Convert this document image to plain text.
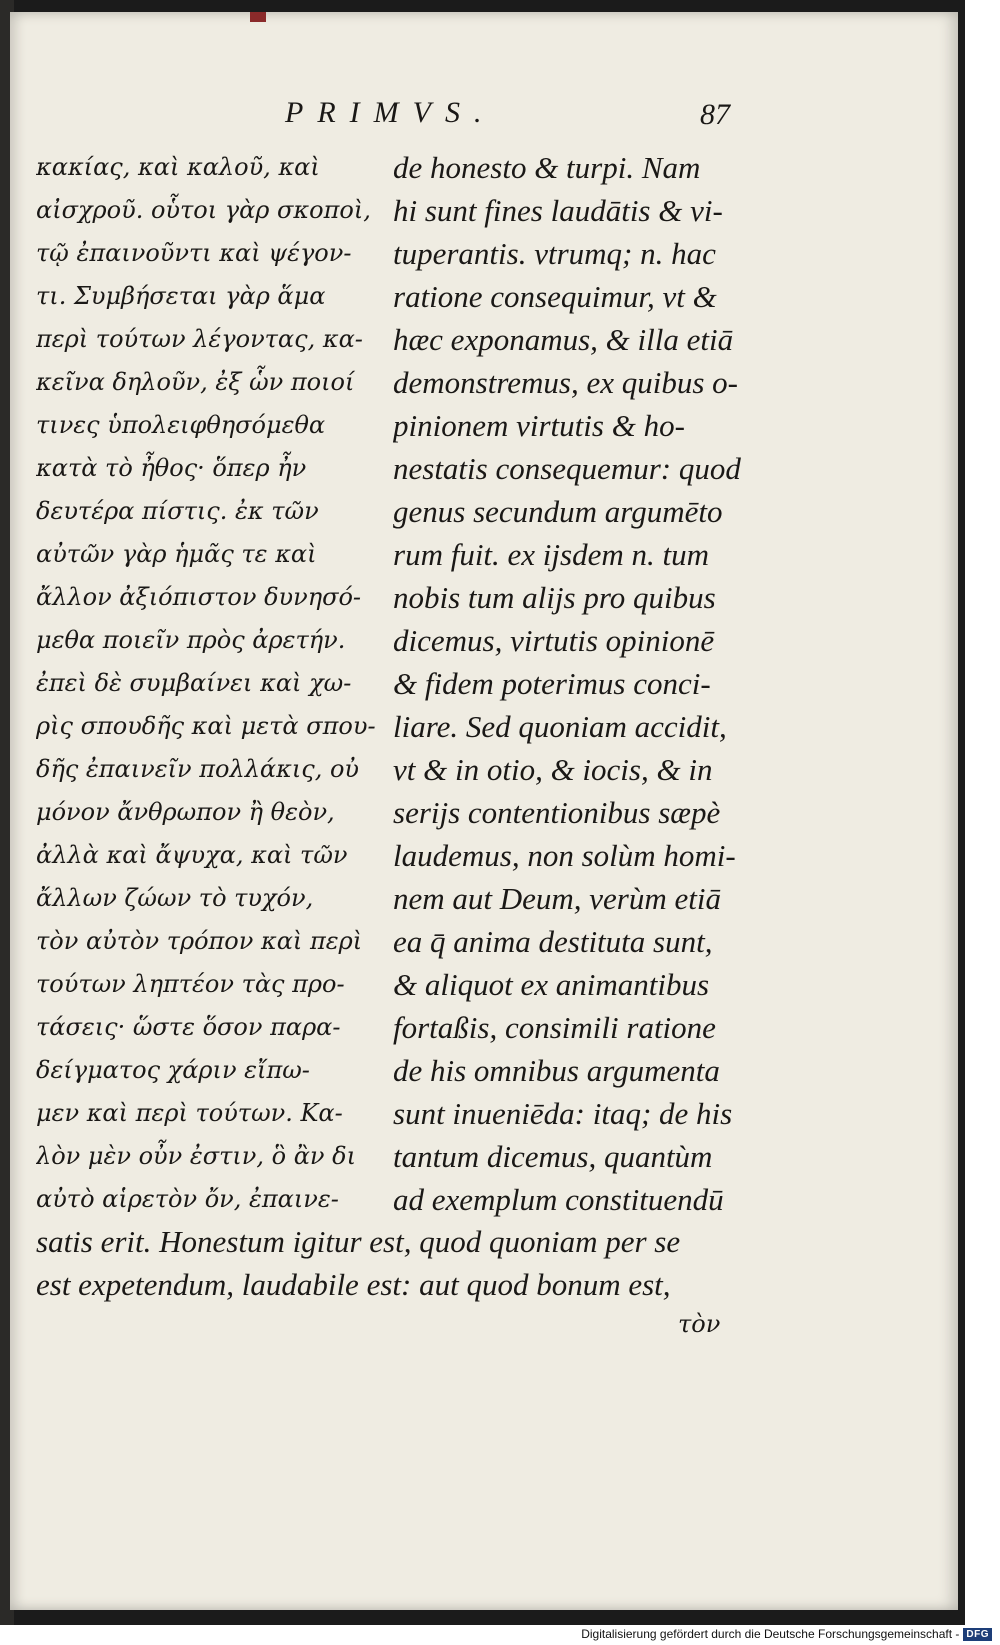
PRIMVS.	87
κακίας, καὶ καλοῦ, καὶ
αἰσχροῦ. οὗτοι γὰρ σκοποὶ,
τῷ ἐπαινοῦντι καὶ ψέγον-
τι. Συμβήσεται γὰρ ἅμα
περὶ τούτων λέγοντας, κα-
κεῖνα δηλοῦν, ἐξ ὧν ποιοί
τινες ὑπολειφθησόμεθα
κατὰ τὸ ἦθος· ὅπερ ἦν
δευτέρα πίστις. ἐκ τῶν
αὐτῶν γὰρ ἡμᾶς τε καὶ
ἄλλον ἀξιόπιστον δυνησό-
μεθα ποιεῖν πρὸς ἀρετήν.
ἐπεὶ δὲ συμβαίνει καὶ χω-
ρὶς σπουδῆς καὶ μετὰ σπου-
δῆς ἐπαινεῖν πολλάκις, οὐ
μόνον ἄνθρωπον ἢ θεὸν,
ἀλλὰ καὶ ἄψυχα, καὶ τῶν
ἄλλων ζώων τὸ τυχόν,
τὸν αὐτὸν τρόπον καὶ περὶ
τούτων ληπτέον τὰς προ-
τάσεις· ὥστε ὅσον παρα-
δείγματος χάριν εἴπω-
μεν καὶ περὶ τούτων. Κα-
λὸν μὲν οὖν ἐστιν, ὃ ἂν δι
αὐτὸ αἱρετὸν ὄν, ἐπαινε-
de honesto & turpi. Nam
hi sunt fines laudātis & vi-
tuperantis. vtrumq; n. hac
ratione consequimur, vt &
hæc exponamus, & illa etiā
demonstremus, ex quibus o-
pinionem virtutis & ho-
nestatis consequemur: quod
genus secundum argumēto
rum fuit. ex ijsdem n. tum
nobis tum alijs pro quibus
dicemus, virtutis opinionē
& fidem poterimus conci-
liare. Sed quoniam accidit,
vt & in otio, & iocis, & in
serijs contentionibus sæpè
laudemus, non solùm homi-
nem aut Deum, verùm etiā
ea q̄ anima destituta sunt,
& aliquot ex animantibus
fortaßis, consimili ratione
de his omnibus argumenta
sunt inueniēda: itaq; de his
tantum dicemus, quantùm
ad exemplum constituendū
satis erit. Honestum igitur est, quod quoniam per se
est expetendum, laudabile est: aut quod bonum est,
τὸν
Digitalisierung gefördert durch die Deutsche Forschungsgemeinschaft - DFG
